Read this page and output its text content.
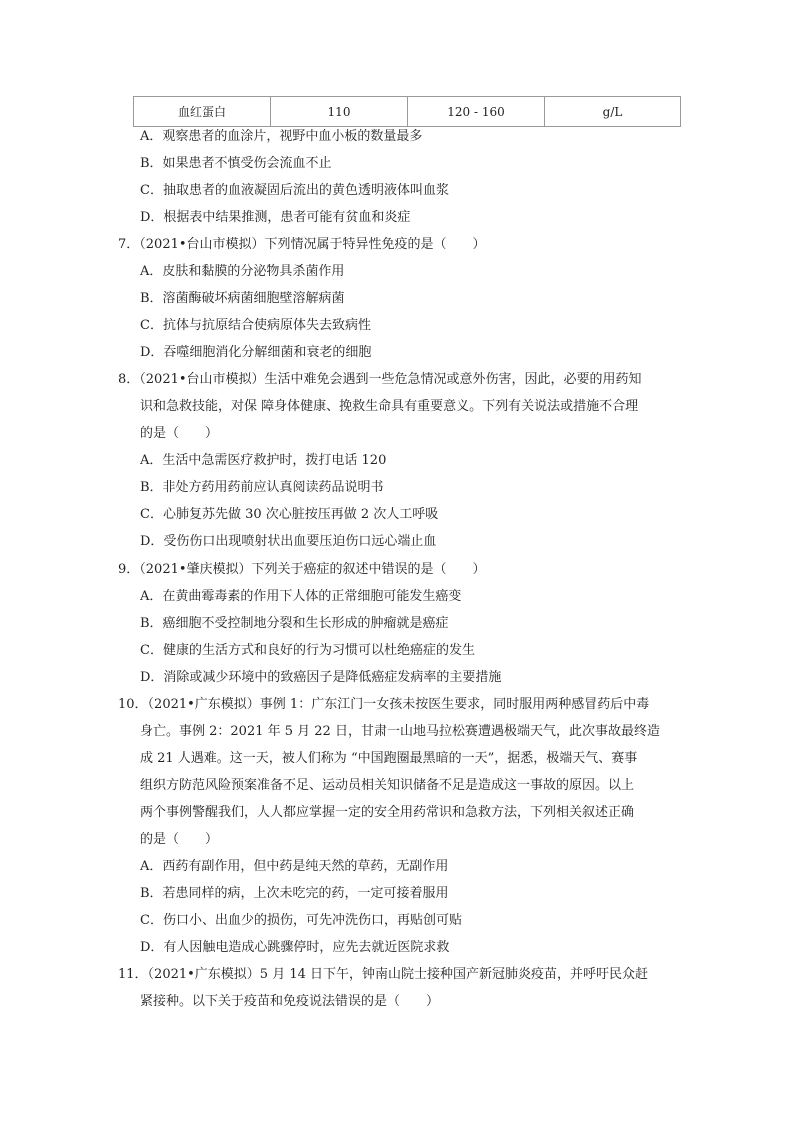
血红蛋白	110	120 - 160	g/L
A．观察患者的血涂片，视野中血小板的数量最多
B．如果患者不慎受伤会流血不止
C．抽取患者的血液凝固后流出的黄色透明液体叫血浆
D．根据表中结果推测，患者可能有贫血和炎症
7．（2021•台山市模拟）下列情况属于特异性免疫的是（　　）
A．皮肤和黏膜的分泌物具杀菌作用
B．溶菌酶破坏病菌细胞壁溶解病菌
C．抗体与抗原结合使病原体失去致病性
D．吞噬细胞消化分解细菌和衰老的细胞
8．（2021•台山市模拟）生活中难免会遇到一些危急情况或意外伤害，因此，必要的用药知
识和急救技能，对保 障身体健康、挽救生命具有重要意义。下列有关说法或措施不合理
的是（　　）
A．生活中急需医疗救护时，拨打电话 120
B．非处方药用药前应认真阅读药品说明书
C．心肺复苏先做 30 次心脏按压再做 2 次人工呼吸
D．受伤伤口出现喷射状出血要压迫伤口远心端止血
9．（2021•肇庆模拟）下列关于癌症的叙述中错误的是（　　）
A．在黄曲霉毒素的作用下人体的正常细胞可能发生癌变
B．癌细胞不受控制地分裂和生长形成的肿瘤就是癌症
C．健康的生活方式和良好的行为习惯可以杜绝癌症的发生
D．消除或减少环境中的致癌因子是降低癌症发病率的主要措施
10．（2021•广东模拟）事例 1：广东江门一女孩未按医生要求，同时服用两种感冒药后中毒
身亡。事例 2：2021 年 5 月 22 日，甘肃一山地马拉松赛遭遇极端天气，此次事故最终造
成 21 人遇难。这一天，被人们称为 “中国跑圈最黑暗的一天”，据悉，极端天气、赛事
组织方防范风险预案准备不足、运动员相关知识储备不足是造成这一事故的原因。以上
两个事例警醒我们，人人都应掌握一定的安全用药常识和急救方法，下列相关叙述正确
的是（　　）
A．西药有副作用，但中药是纯天然的草药，无副作用
B．若患同样的病，上次未吃完的药，一定可接着服用
C．伤口小、出血少的损伤，可先冲洗伤口，再贴创可贴
D．有人因触电造成心跳骤停时，应先去就近医院求救
11．（2021•广东模拟）5 月 14 日下午，钟南山院士接种国产新冠肺炎疫苗，并呼吁民众赶
紧接种。以下关于疫苗和免疫说法错误的是（　　）
